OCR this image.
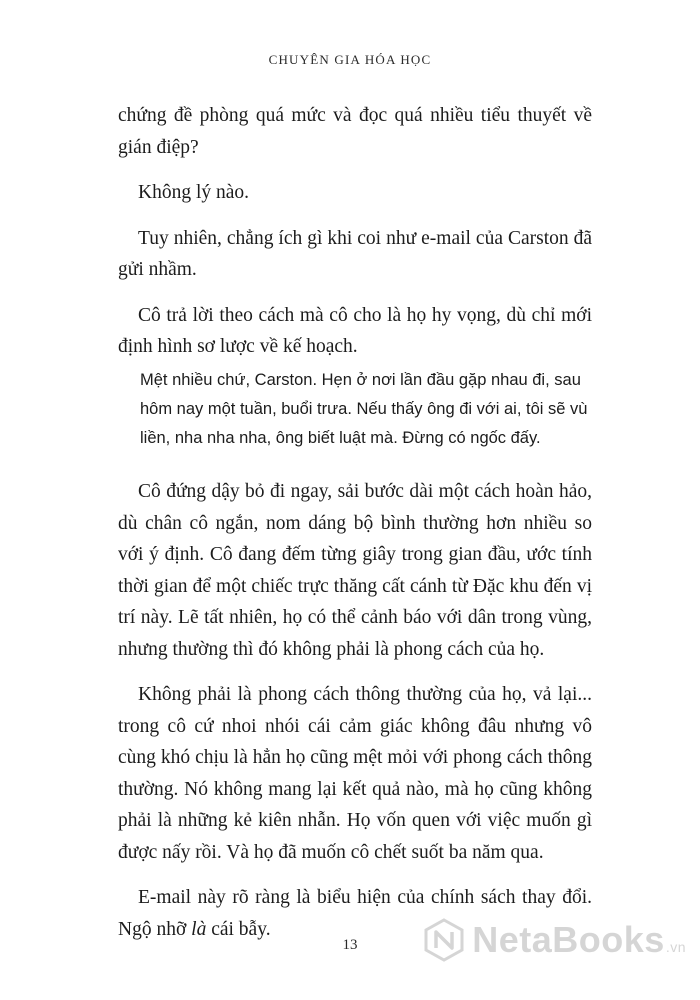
CHUYÊN GIA HÓA HỌC

chứng đề phòng quá mức và đọc quá nhiều tiểu thuyết về gián điệp?

Không lý nào.

Tuy nhiên, chẳng ích gì khi coi như e-mail của Carston đã gửi nhầm.

Cô trả lời theo cách mà cô cho là họ hy vọng, dù chỉ mới định hình sơ lược về kế hoạch.

Mệt nhiều chứ, Carston. Hẹn ở nơi lần đầu gặp nhau đi, sau hôm nay một tuần, buổi trưa. Nếu thấy ông đi với ai, tôi sẽ vù liền, nha nha nha, ông biết luật mà. Đừng có ngốc đấy.

Cô đứng dậy bỏ đi ngay, sải bước dài một cách hoàn hảo, dù chân cô ngắn, nom dáng bộ bình thường hơn nhiều so với ý định. Cô đang đếm từng giây trong gian đầu, ước tính thời gian để một chiếc trực thăng cất cánh từ Đặc khu đến vị trí này. Lẽ tất nhiên, họ có thể cảnh báo với dân trong vùng, nhưng thường thì đó không phải là phong cách của họ.

Không phải là phong cách thông thường của họ, vả lại... trong cô cứ nhoi nhói cái cảm giác không đâu nhưng vô cùng khó chịu là hẳn họ cũng mệt mỏi với phong cách thông thường. Nó không mang lại kết quả nào, mà họ cũng không phải là những kẻ kiên nhẫn. Họ vốn quen với việc muốn gì được nấy rồi. Và họ đã muốn cô chết suốt ba năm qua.

E-mail này rõ ràng là biểu hiện của chính sách thay đổi. Ngộ nhỡ là cái bẫy.

13	NetaBooks.vn
